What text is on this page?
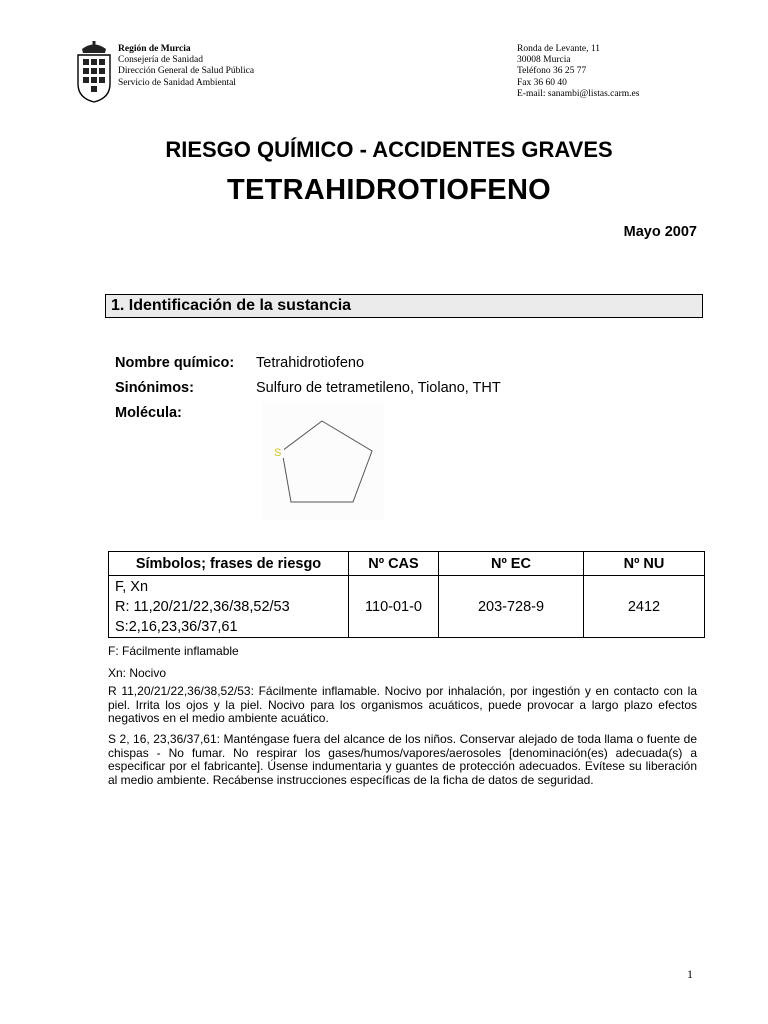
Región de Murcia
Consejería de Sanidad
Dirección General de Salud Pública
Servicio de Sanidad Ambiental
Ronda de Levante, 11
30008 Murcia
Teléfono 36 25 77
Fax 36 60 40
E-mail: sanambi@listas.carm.es
RIESGO QUÍMICO - ACCIDENTES GRAVES
TETRAHIDROTIOFENO
Mayo 2007
1. Identificación de la sustancia
Nombre químico: Tetrahidrotiofeno
Sinónimos:	Sulfuro de tetrametileno, Tiolano, THT
Molécula:
S
Símbolos; frases de riesgo	Nº CAS	Nº EC	Nº NU

F, Xn
R: 11,20/21/22,36/38,52/53
S:2,16,23,36/37,61	110-01-0	203-728-9	2412
F: Fácilmente inflamable
Xn: Nocivo
R 11,20/21/22,36/38,52/53: Fácilmente inflamable. Nocivo por inhalación, por ingestión y en contacto con la piel. Irrita los ojos y la piel. Nocivo para los organismos acuáticos, puede provocar a largo plazo efectos negativos en el medio ambiente acuático.
S 2, 16, 23,36/37,61: Manténgase fuera del alcance de los niños. Conservar alejado de toda llama o fuente de chispas - No fumar. No respirar los gases/humos/vapores/aerosoles [denominación(es) adecuada(s) a especificar por el fabricante]. Úsense indumentaria y guantes de protección adecuados. Evítese su liberación al medio ambiente. Recábense instrucciones específicas de la ficha de datos de seguridad.
1
